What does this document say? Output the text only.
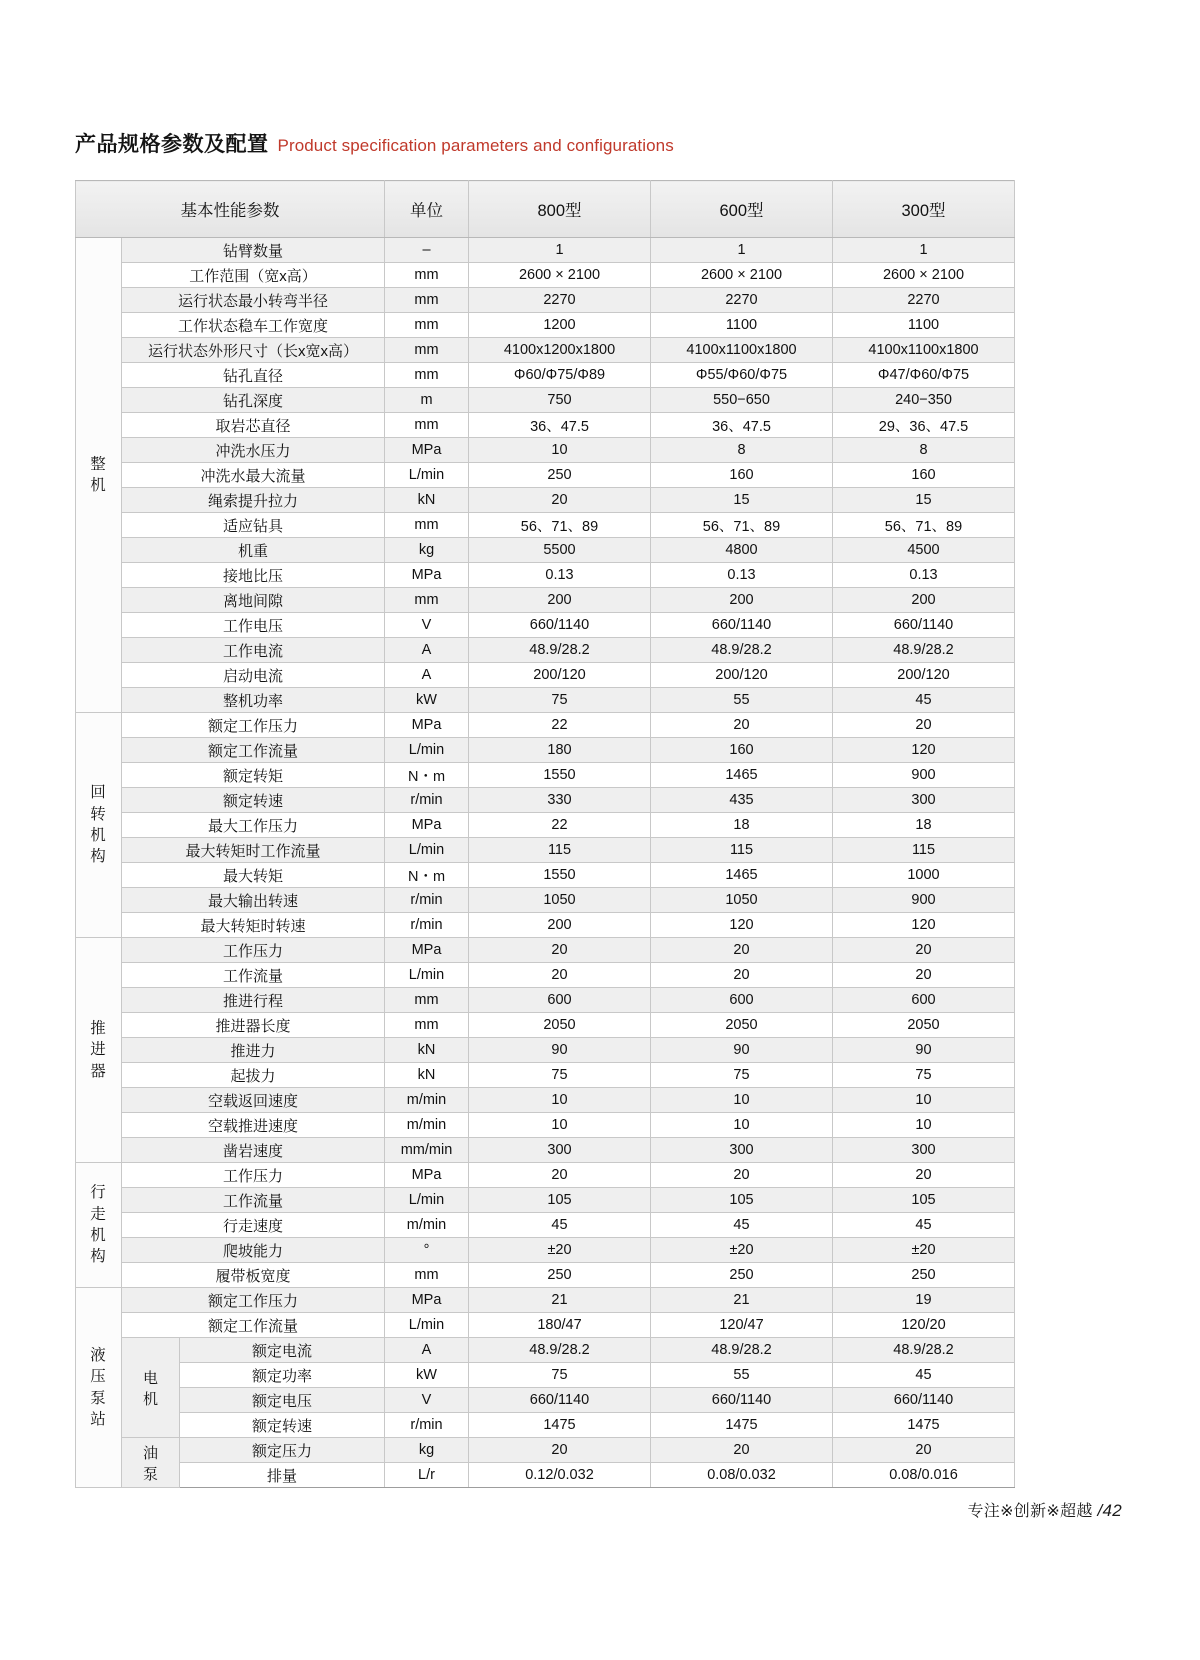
产品规格参数及配置 Product specification parameters and configurations
基本性能参数			单位	800型	600型	300型

整
机	钻臂数量		–	1	1	1
	工作范围（宽x高）		mm	2600 × 2100	2600 × 2100	2600 × 2100
	运行状态最小转弯半径		mm	2270	2270	2270
	工作状态稳车工作宽度		mm	1200	1100	1100
	运行状态外形尺寸（长x宽x高）		mm	4100x1200x1800	4100x1100x1800	4100x1100x1800
	钻孔直径		mm	Φ60/Φ75/Φ89	Φ55/Φ60/Φ75	Φ47/Φ60/Φ75
	钻孔深度		m	750	550−650	240−350
	取岩芯直径		mm	36、47.5	36、47.5	29、36、47.5
	冲洗水压力		MPa	10	8	8
	冲洗水最大流量		L/min	250	160	160
	绳索提升拉力		kN	20	15	15
	适应钻具		mm	56、71、89	56、71、89	56、71、89
	机重		kg	5500	4800	4500
	接地比压		MPa	0.13	0.13	0.13
	离地间隙		mm	200	200	200
	工作电压		V	660/1140	660/1140	660/1140
	工作电流		A	48.9/28.2	48.9/28.2	48.9/28.2
	启动电流		A	200/120	200/120	200/120
	整机功率		kW	75	55	45

回
转
机
构	额定工作压力		MPa	22	20	20
	额定工作流量		L/min	180	160	120
	额定转矩		N・m	1550	1465	900
	额定转速		r/min	330	435	300
	最大工作压力		MPa	22	18	18
	最大转矩时工作流量		L/min	115	115	115
	最大转矩		N・m	1550	1465	1000
	最大输出转速		r/min	1050	1050	900
	最大转矩时转速		r/min	200	120	120

推
进
器	工作压力		MPa	20	20	20
	工作流量		L/min	20	20	20
	推进行程		mm	600	600	600
	推进器长度		mm	2050	2050	2050
	推进力		kN	90	90	90
	起拔力		kN	75	75	75
	空载返回速度		m/min	10	10	10
	空载推进速度		m/min	10	10	10
	凿岩速度		mm/min	300	300	300

行
走
机
构	工作压力		MPa	20	20	20
	工作流量		L/min	105	105	105
	行走速度		m/min	45	45	45
	爬坡能力		°	±20	±20	±20
	履带板宽度		mm	250	250	250

液
压
泵
站	额定工作压力		MPa	21	21	19
	额定工作流量		L/min	180/47	120/47	120/20

	电
机	额定电流	A	48.9/28.2	48.9/28.2	48.9/28.2
		额定功率	kW	75	55	45
		额定电压	V	660/1140	660/1140	660/1140
		额定转速	r/min	1475	1475	1475

	油
泵	额定压力	kg	20	20	20
		排量	L/r	0.12/0.032	0.08/0.032	0.08/0.016
专注※创新※超越 /42
